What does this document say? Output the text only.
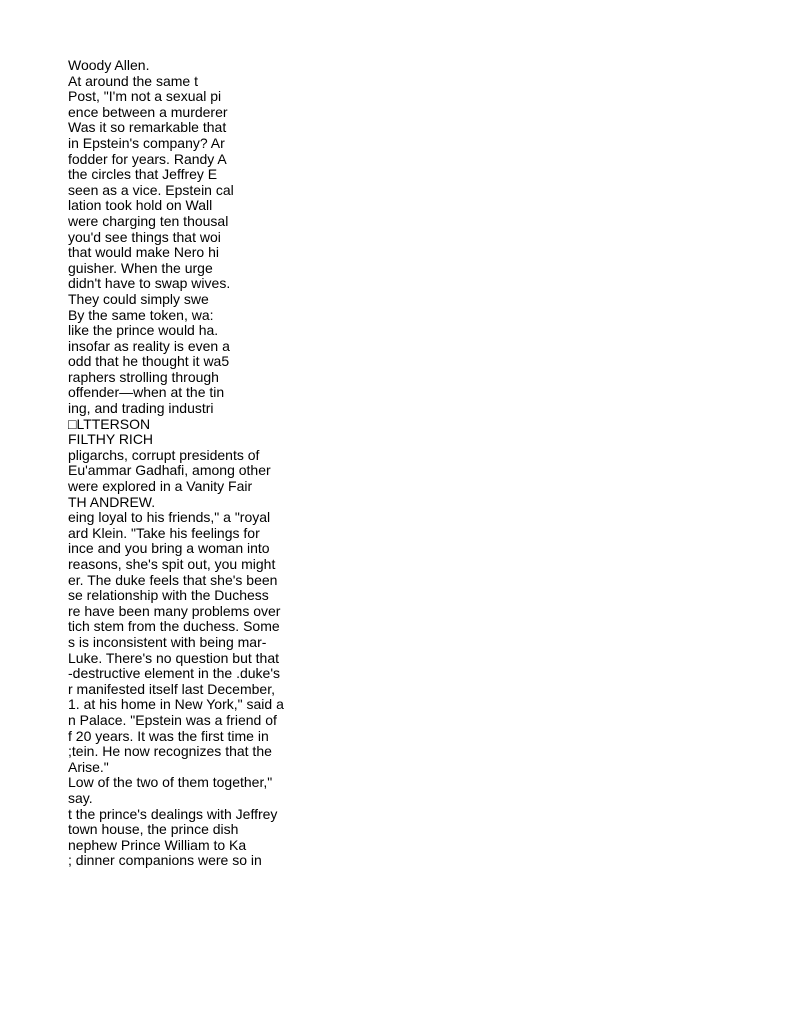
Woody Allen.
At around the same t
Post, "I'm not a sexual pi
ence between a murderer
Was it so remarkable that
in Epstein's company? Ar
fodder for years. Randy A
the circles that Jeffrey E
seen as a vice. Epstein cal
lation took hold on Wall
were charging ten thousal
you'd see things that woi
that would make Nero hi
guisher. When the urge
didn't have to swap wives.
They could simply swe
By the same token, wa:
like the prince would ha.
insofar as reality is even a
odd that he thought it wa5
raphers strolling through
offender—when at the tin
ing, and trading industri
□LTTERSON
FILTHY RICH
pligarchs, corrupt presidents of
Eu'ammar Gadhafi, among other
were explored in a Vanity Fair
TH ANDREW.
eing loyal to his friends," a "royal
ard Klein. "Take his feelings for
ince and you bring a woman into
reasons, she's spit out, you might
er. The duke feels that she's been
se relationship with the Duchess
re have been many problems over
tich stem from the duchess. Some
s is inconsistent with being mar-
Luke. There's no question but that
-destructive element in the .duke's
r manifested itself last December,
1. at his home in New York," said a
n Palace. "Epstein was a friend of
f 20 years. It was the first time in
;tein. He now recognizes that the
Arise."
Low of the two of them together,"
say.
t the prince's dealings with Jeffrey
town house, the prince dish
nephew Prince William to Ka
; dinner companions were so in
